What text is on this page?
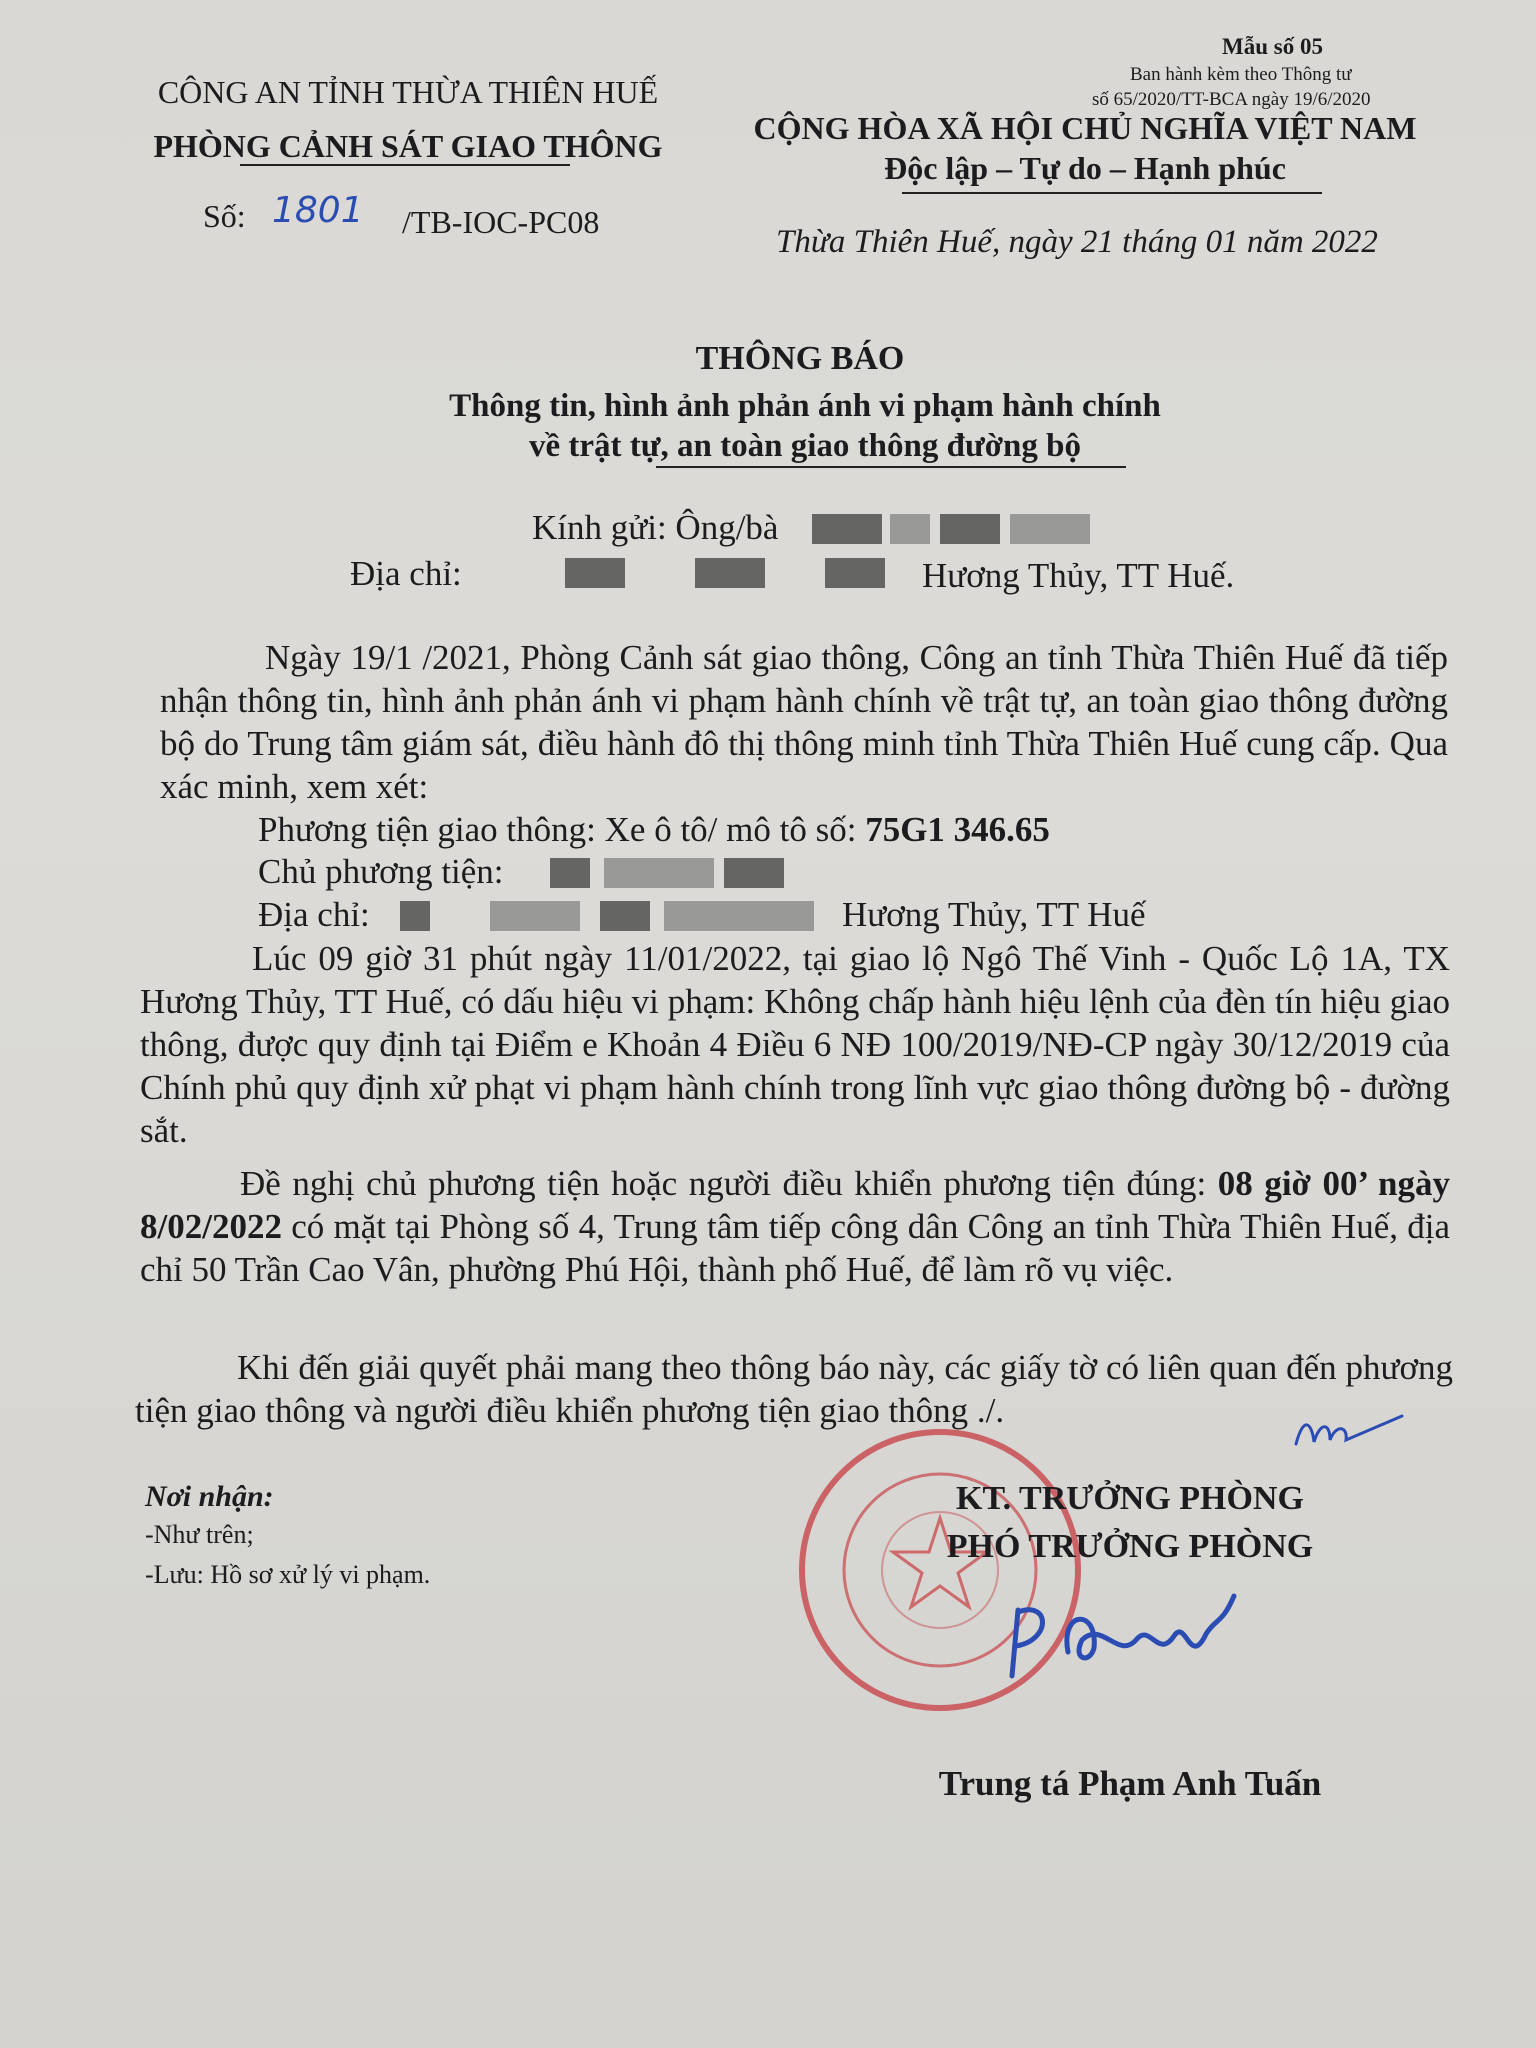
Mẫu số 05
Ban hành kèm theo Thông tư
số 65/2020/TT-BCA ngày 19/6/2020
CÔNG AN TỈNH THỪA THIÊN HUẾ
PHÒNG CẢNH SÁT GIAO THÔNG	CỘNG HÒA XÃ HỘI CHỦ NGHĨA VIỆT NAM
Độc lập – Tự do – Hạnh phúc
Số: 1801 /TB-IOC-PC08
Thừa Thiên Huế, ngày 21 tháng 01 năm 2022
THÔNG BÁO
Thông tin, hình ảnh phản ánh vi phạm hành chính
về trật tự, an toàn giao thông đường bộ
Kính gửi: Ông/bà
Địa chỉ:	Hương Thủy, TT Huế.
Ngày 19/1 /2021, Phòng Cảnh sát giao thông, Công an tỉnh Thừa Thiên Huế đã tiếp nhận thông tin, hình ảnh phản ánh vi phạm hành chính về trật tự, an toàn giao thông đường bộ do Trung tâm giám sát, điều hành đô thị thông minh tỉnh Thừa Thiên Huế cung cấp. Qua xác minh, xem xét:
Phương tiện giao thông: Xe ô tô/ mô tô số: 75G1 346.65
Chủ phương tiện:
Địa chỉ:	Hương Thủy, TT Huế
Lúc 09 giờ 31 phút ngày 11/01/2022, tại giao lộ Ngô Thế Vinh - Quốc Lộ 1A, TX Hương Thủy, TT Huế, có dấu hiệu vi phạm: Không chấp hành hiệu lệnh của đèn tín hiệu giao thông, được quy định tại Điểm e Khoản 4 Điều 6 NĐ 100/2019/NĐ-CP ngày 30/12/2019 của Chính phủ quy định xử phạt vi phạm hành chính trong lĩnh vực giao thông đường bộ - đường sắt.
Đề nghị chủ phương tiện hoặc người điều khiển phương tiện đúng: 08 giờ 00’ ngày 8/02/2022 có mặt tại Phòng số 4, Trung tâm tiếp công dân Công an tỉnh Thừa Thiên Huế, địa chỉ 50 Trần Cao Vân, phường Phú Hội, thành phố Huế, để làm rõ vụ việc.
Khi đến giải quyết phải mang theo thông báo này, các giấy tờ có liên quan đến phương tiện giao thông và người điều khiển phương tiện giao thông ./.
Nơi nhận:
-Như trên;
-Lưu: Hồ sơ xử lý vi phạm.
KT. TRƯỞNG PHÒNG
PHÓ TRƯỞNG PHÒNG
Trung tá Phạm Anh Tuấn
